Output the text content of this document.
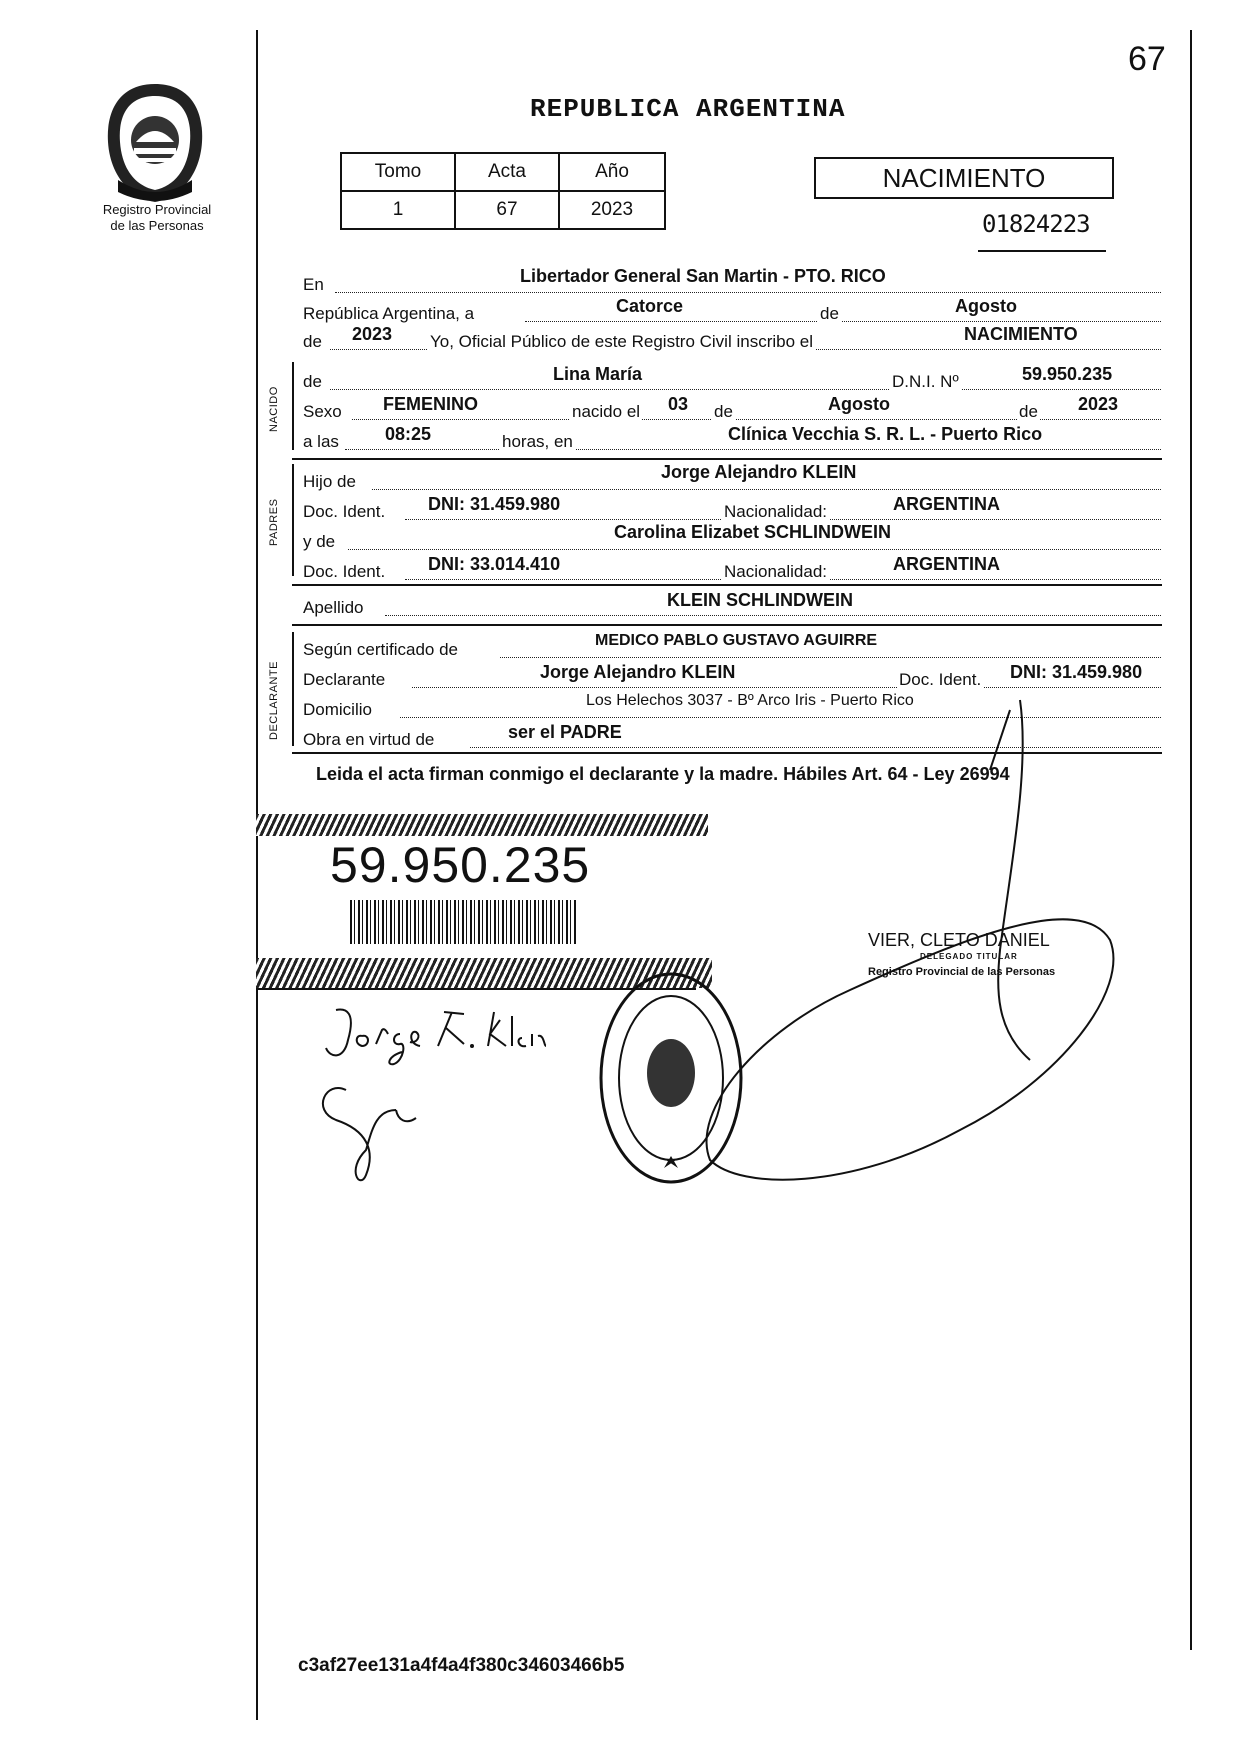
67
Registro Provincial
de las Personas
REPUBLICA ARGENTINA
Tomo	Acta	Año
1	67	2023
NACIMIENTO
01824223
En	Libertador General San Martin - PTO. RICO
República Argentina, a	Catorce	de	Agosto
de 2023 Yo, Oficial Público de este Registro Civil inscribo el	NACIMIENTO
NACIDO
de	Lina María	D.N.I. Nº	59.950.235
Sexo FEMENINO	nacido el 03 de	Agosto	de 2023
a las	08:25	horas, en	Clínica Vecchia S. R. L. - Puerto Rico
PADRES
Hijo de	Jorge Alejandro KLEIN
Doc. Ident. DNI: 31.459.980	Nacionalidad:	ARGENTINA
y de	Carolina Elizabet SCHLINDWEIN
Doc. Ident. DNI: 33.014.410	Nacionalidad:	ARGENTINA
Apellido	KLEIN SCHLINDWEIN
DECLARANTE
Según certificado de	MEDICO PABLO GUSTAVO AGUIRRE
Declarante	Jorge Alejandro KLEIN	Doc. Ident. DNI: 31.459.980
Domicilio	Los Helechos 3037 - Bº Arco Iris - Puerto Rico
Obra en virtud de	ser el PADRE
Leida el acta firman conmigo el declarante y la madre. Hábiles Art. 64 - Ley 26994
59.950.235
VIER, CLETO DANIEL
DELEGADO TITULAR
Registro Provincial de las Personas
c3af27ee131a4f4a4f380c34603466b5
